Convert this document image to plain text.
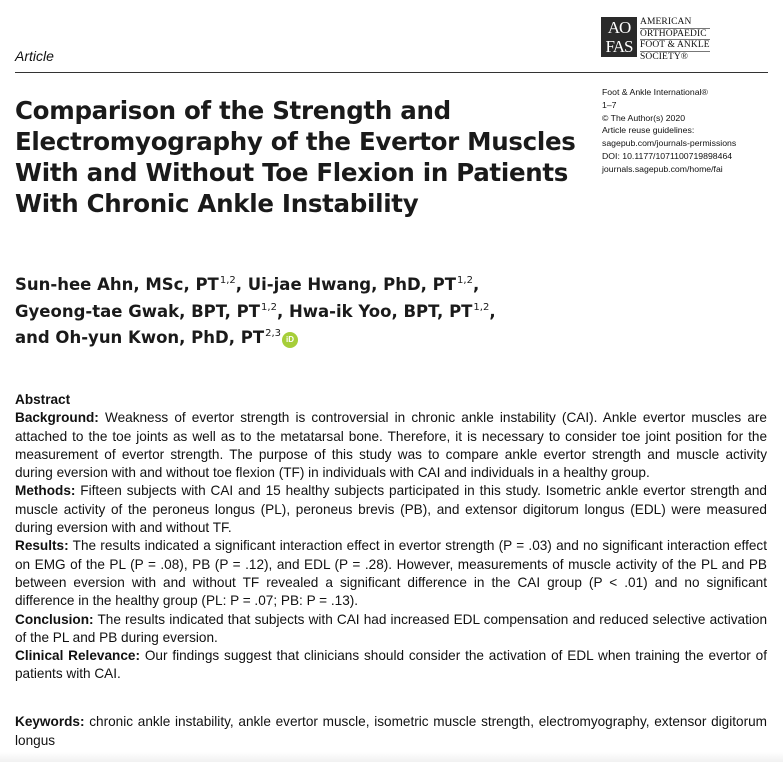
Article
AO
FAS
AMERICAN
ORTHOPAEDIC
FOOT & ANKLE
SOCIETY®
Foot & Ankle International®
1–7
© The Author(s) 2020
Article reuse guidelines:
sagepub.com/journals-permissions
DOI: 10.1177/1071100719898464
journals.sagepub.com/home/fai
Comparison of the Strength and Electromyography of the Evertor Muscles With and Without Toe Flexion in Patients With Chronic Ankle Instability
Sun-hee Ahn, MSc, PT$^{1,2}$, Ui-jae Hwang, PhD, PT$^{1,2}$,
Gyeong-tae Gwak, BPT, PT$^{1,2}$, Hwa-ik Yoo, BPT, PT$^{1,2}$,
and Oh-yun Kwon, PhD, PT$^{2,3}$iD
Abstract

Background: Weakness of evertor strength is controversial in chronic ankle instability (CAI). Ankle evertor muscles are attached to the toe joints as well as to the metatarsal bone. Therefore, it is necessary to consider toe joint position for the measurement of evertor strength. The purpose of this study was to compare ankle evertor strength and muscle activity during eversion with and without toe flexion (TF) in individuals with CAI and individuals in a healthy group.

Methods: Fifteen subjects with CAI and 15 healthy subjects participated in this study. Isometric ankle evertor strength and muscle activity of the peroneus longus (PL), peroneus brevis (PB), and extensor digitorum longus (EDL) were measured during eversion with and without TF.

Results: The results indicated a significant interaction effect in evertor strength (P = .03) and no significant interaction effect on EMG of the PL (P = .08), PB (P = .12), and EDL (P = .28). However, measurements of muscle activity of the PL and PB between eversion with and without TF revealed a significant difference in the CAI group (P < .01) and no significant difference in the healthy group (PL: P = .07; PB: P = .13).

Conclusion: The results indicated that subjects with CAI had increased EDL compensation and reduced selective activation of the PL and PB during eversion.

Clinical Relevance: Our findings suggest that clinicians should consider the activation of EDL when training the evertor of patients with CAI.

Keywords: chronic ankle instability, ankle evertor muscle, isometric muscle strength, electromyography, extensor digitorum longus
